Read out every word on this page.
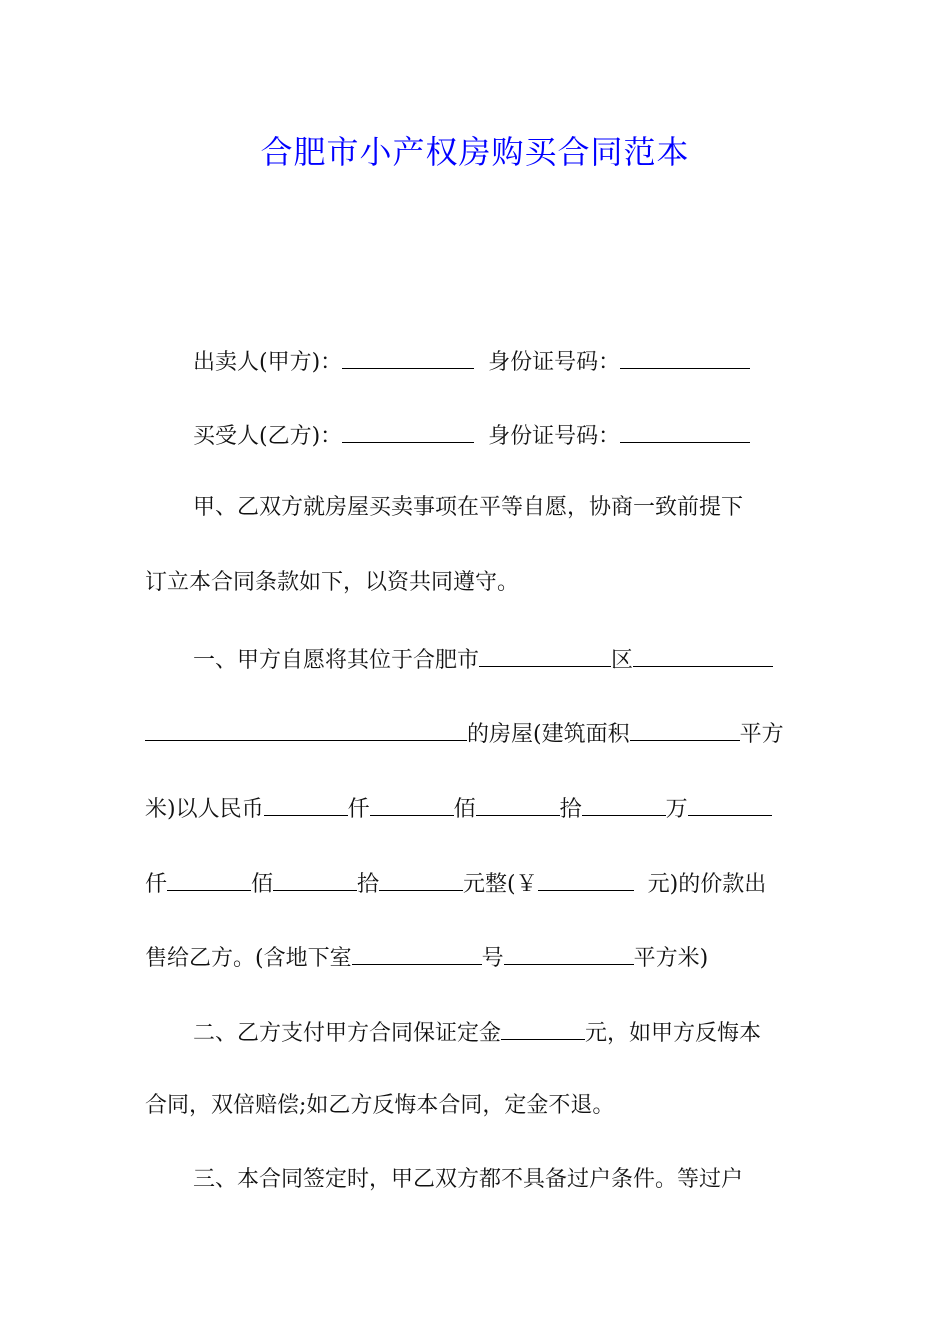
合肥市小产权房购买合同范本
出卖人(甲方)：	身份证号码：
买受人(乙方)：	身份证号码：
甲、乙双方就房屋买卖事项在平等自愿，协商一致前提下
订立本合同条款如下，以资共同遵守。
一、甲方自愿将其位于合肥市	区
的房屋(建筑面积	平方
米)以人民币	仟	佰	拾	万
仟	佰	拾	元整(￥	元)的价款出
售给乙方。(含地下室	号	平方米)
二、乙方支付甲方合同保证定金	元，如甲方反悔本
合同，双倍赔偿;如乙方反悔本合同，定金不退。
三、本合同签定时，甲乙双方都不具备过户条件。等过户
